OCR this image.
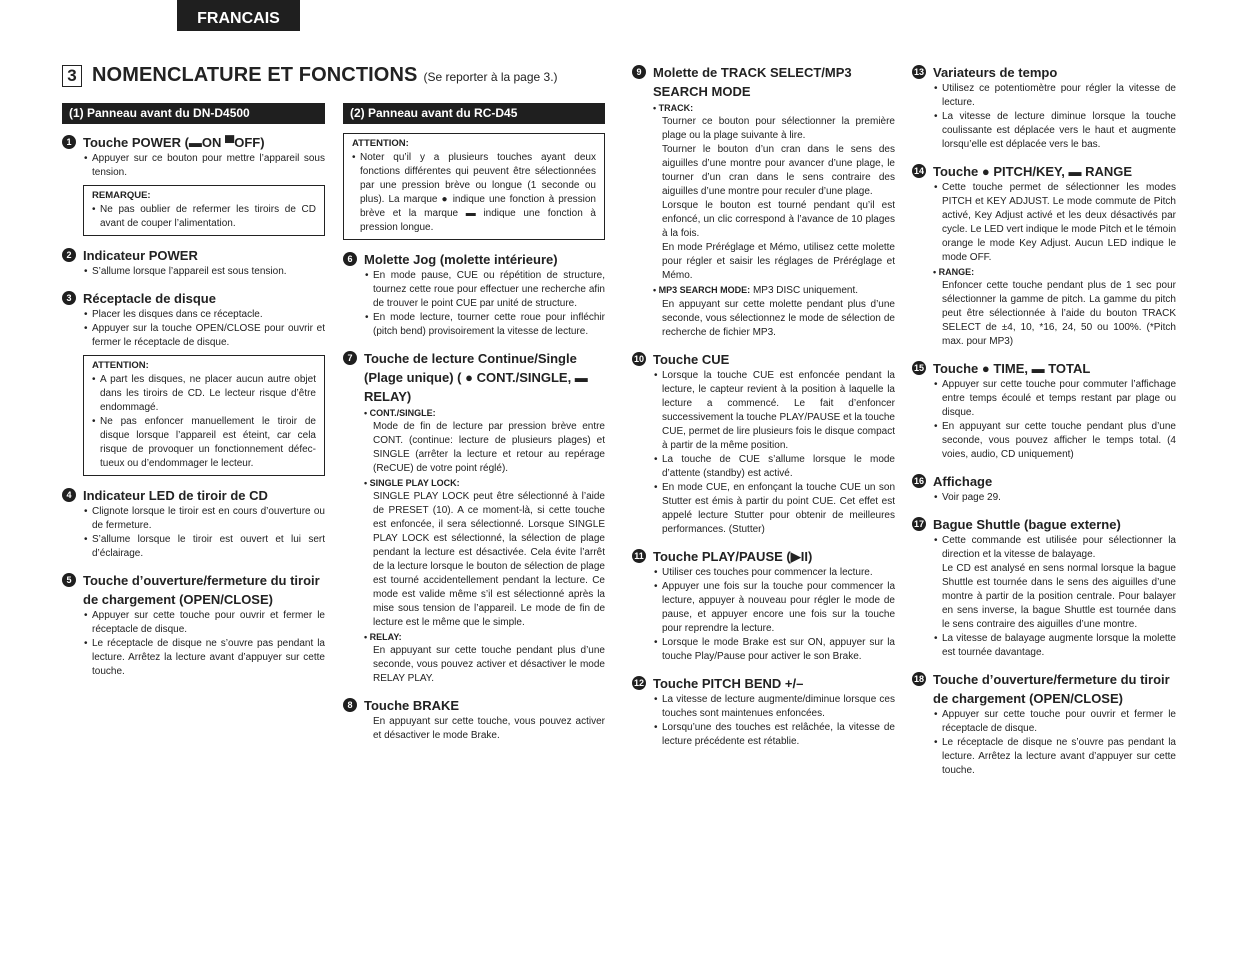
FRANCAIS
3 NOMENCLATURE ET FONCTIONS (Se reporter à la page 3.)
(1) Panneau avant du DN-D4500
1 Touche POWER (▬ON ▀OFF)
• Appuyer sur ce bouton pour mettre l’appareil sous tension.
REMARQUE:
• Ne pas oublier de refermer les tiroirs de CD avant de couper l’alimentation.
2 Indicateur POWER
• S’allume lorsque l’appareil est sous tension.
3 Réceptacle de disque
• Placer les disques dans ce réceptacle.
• Appuyer sur la touche OPEN/CLOSE pour ouvrir et fermer le réceptacle de disque.
ATTENTION:
• A part les disques, ne placer aucun autre objet dans les tiroirs de CD. Le lecteur risque d’être endommagé.
• Ne pas enfoncer manuellement le tiroir de disque lorsque l’appareil est éteint, car cela risque de provoquer un fonctionnement défec-tueux ou d’endommager le lecteur.
4 Indicateur LED de tiroir de CD
• Clignote lorsque le tiroir est en cours d’ouverture ou de fermeture.
• S’allume lorsque le tiroir est ouvert et lui sert d’éclairage.
5 Touche d’ouverture/fermeture du tiroir de chargement (OPEN/CLOSE)
• Appuyer sur cette touche pour ouvrir et fermer le réceptacle de disque.
• Le réceptacle de disque ne s’ouvre pas pendant la lecture. Arrêtez la lecture avant d’appuyer sur cette touche.
(2) Panneau avant du RC-D45
ATTENTION:
• Noter qu’il y a plusieurs touches ayant deux fonctions différentes qui peuvent être sélectionnées par une pression brève ou longue (1 seconde ou plus). La marque ● indique une fonction à pression brève et la marque ▬ indique une fonction à pression longue.
6 Molette Jog (molette intérieure)
• En mode pause, CUE ou répétition de structure, tournez cette roue pour effectuer une recherche afin de trouver le point CUE par unité de structure.
• En mode lecture, tourner cette roue pour infléchir (pitch bend) provisoirement la vitesse de lecture.
7 Touche de lecture Continue/Single (Plage unique) ( ● CONT./SINGLE, ▬ RELAY)
• CONT./SINGLE:
Mode de fin de lecture par pression brève entre CONT. (continue: lecture de plusieurs plages) et SINGLE (arrêter la lecture et retour au repérage (ReCUE) de votre point réglé).
• SINGLE PLAY LOCK:
SINGLE PLAY LOCK peut être sélectionné à l’aide de PRESET (10). A ce moment-là, si cette touche est enfoncée, il sera sélectionné. Lorsque SINGLE PLAY LOCK est sélectionné, la sélection de plage pendant la lecture est désactivée. Cela évite l’arrêt de la lecture lorsque le bouton de sélection de plage est tourné accidentellement pendant la lecture. Ce mode est valide même s’il est sélectionné après la mise sous tension de l’appareil. Le mode de fin de lecture est le même que le simple.
• RELAY:
En appuyant sur cette touche pendant plus d’une seconde, vous pouvez activer et désactiver le mode RELAY PLAY.
8 Touche BRAKE
En appuyant sur cette touche, vous pouvez activer et désactiver le mode Brake.
9 Molette de TRACK SELECT/MP3 SEARCH MODE
• TRACK:
Tourner ce bouton pour sélectionner la première plage ou la plage suivante à lire.
Tourner le bouton d’un cran dans le sens des aiguilles d’une montre pour avancer d’une plage, le tourner d’un cran dans le sens contraire des aiguilles d’une montre pour reculer d’une plage.
Lorsque le bouton est tourné pendant qu’il est enfoncé, un clic correspond à l’avance de 10 plages à la fois.
En mode Préréglage et Mémo, utilisez cette molette pour régler et saisir les réglages de Préréglage et Mémo.
• MP3 SEARCH MODE: MP3 DISC uniquement.
En appuyant sur cette molette pendant plus d’une seconde, vous sélectionnez le mode de sélection de recherche de fichier MP3.
10 Touche CUE
• Lorsque la touche CUE est enfoncée pendant la lecture, le capteur revient à la position à laquelle la lecture a commencé. Le fait d’enfoncer successivement la touche PLAY/PAUSE et la touche CUE, permet de lire plusieurs fois le disque compact à partir de la même position.
• La touche de CUE s’allume lorsque le mode d’attente (standby) est activé.
• En mode CUE, en enfonçant la touche CUE un son Stutter est émis à partir du point CUE. Cet effet est appelé lecture Stutter pour obtenir de meilleures performances. (Stutter)
11 Touche PLAY/PAUSE (▶II)
• Utiliser ces touches pour commencer la lecture.
• Appuyer une fois sur la touche pour commencer la lecture, appuyer à nouveau pour régler le mode de pause, et appuyer encore une fois sur la touche pour reprendre la lecture.
• Lorsque le mode Brake est sur ON, appuyer sur la touche Play/Pause pour activer le son Brake.
12 Touche PITCH BEND +/–
• La vitesse de lecture augmente/diminue lorsque ces touches sont maintenues enfoncées.
• Lorsqu’une des touches est relâchée, la vitesse de lecture précédente est rétablie.
13 Variateurs de tempo
• Utilisez ce potentiomètre pour régler la vitesse de lecture.
• La vitesse de lecture diminue lorsque la touche coulissante est déplacée vers le haut et augmente lorsqu’elle est déplacée vers le bas.
14 Touche ● PITCH/KEY, ▬ RANGE
• Cette touche permet de sélectionner les modes PITCH et KEY ADJUST. Le mode commute de Pitch activé, Key Adjust activé et les deux désactivés par cycle. Le LED vert indique le mode Pitch et le témoin orange le mode Key Adjust. Aucun LED indique le mode OFF.
• RANGE:
Enfoncer cette touche pendant plus de 1 sec pour sélectionner la gamme de pitch. La gamme du pitch peut être sélectionnée à l’aide du bouton TRACK SELECT de ±4, 10, *16, 24, 50 ou 100%. (*Pitch max. pour MP3)
15 Touche ● TIME, ▬ TOTAL
• Appuyer sur cette touche pour commuter l’affichage entre temps écoulé et temps restant par plage ou disque.
• En appuyant sur cette touche pendant plus d’une seconde, vous pouvez afficher le temps total. (4 voies, audio, CD uniquement)
16 Affichage
• Voir page 29.
17 Bague Shuttle (bague externe)
• Cette commande est utilisée pour sélectionner la direction et la vitesse de balayage.
Le CD est analysé en sens normal lorsque la bague Shuttle est tournée dans le sens des aiguilles d’une montre à partir de la position centrale. Pour balayer en sens inverse, la bague Shuttle est tournée dans le sens contraire des aiguilles d’une montre.
• La vitesse de balayage augmente lorsque la molette est tournée davantage.
18 Touche d’ouverture/fermeture du tiroir de chargement (OPEN/CLOSE)
• Appuyer sur cette touche pour ouvrir et fermer le réceptacle de disque.
• Le réceptacle de disque ne s’ouvre pas pendant la lecture. Arrêtez la lecture avant d’appuyer sur cette touche.
